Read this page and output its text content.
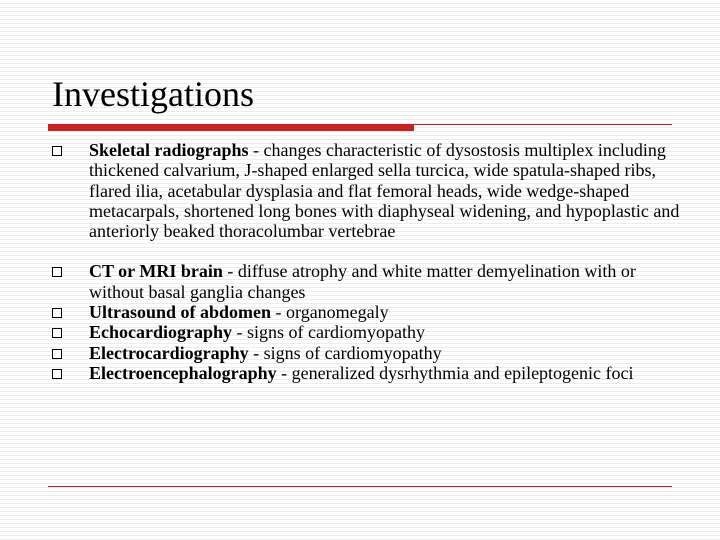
Investigations
Skeletal radiographs - changes characteristic of dysostosis multiplex including thickened calvarium, J-shaped enlarged sella turcica, wide spatula-shaped ribs, flared ilia, acetabular dysplasia and flat femoral heads, wide wedge-shaped metacarpals, shortened long bones with diaphyseal widening, and hypoplastic and anteriorly beaked thoracolumbar vertebrae
CT or MRI brain - diffuse atrophy and white matter demyelination with or without basal ganglia changes
Ultrasound of abdomen - organomegaly
Echocardiography - signs of cardiomyopathy
Electrocardiography - signs of cardiomyopathy
Electroencephalography - generalized dysrhythmia and epileptogenic foci
